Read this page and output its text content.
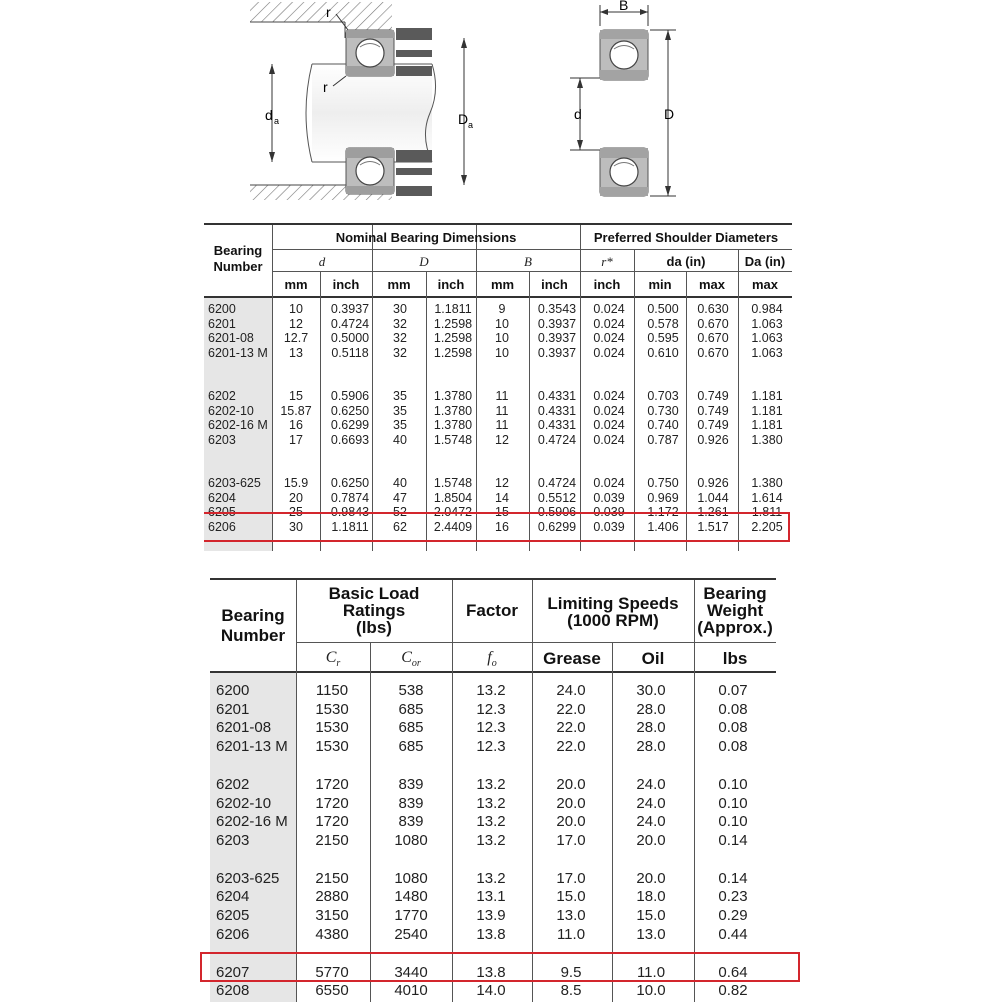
r
r
d a	D a
B
d	D
Bearing
Number
Nominal Bearing Dimensions	Preferred Shoulder Diameters
d	D	B	r*	da (in)	Da (in)
mm	inch	mm	inch	mm	inch	inch	min	max	max
6200	10	0.3937	30	1.1811	9	0.3543	0.024	0.500	0.630	0.984
6201	12	0.4724	32	1.2598	10	0.3937	0.024	0.578	0.670	1.063
6201-08	12.7	0.5000	32	1.2598	10	0.3937	0.024	0.595	0.670	1.063
6201-13 M	13	0.5118	32	1.2598	10	0.3937	0.024	0.610	0.670	1.063
6202	15	0.5906	35	1.3780	11	0.4331	0.024	0.703	0.749	1.181
6202-10	15.87	0.6250	35	1.3780	11	0.4331	0.024	0.730	0.749	1.181
6202-16 M	16	0.6299	35	1.3780	11	0.4331	0.024	0.740	0.749	1.181
6203	17	0.6693	40	1.5748	12	0.4724	0.024	0.787	0.926	1.380
6203-625	15.9	0.6250	40	1.5748	12	0.4724	0.024	0.750	0.926	1.380
6204	20	0.7874	47	1.8504	14	0.5512	0.039	0.969	1.044	1.614
6205	25	0.9843	52	2.0472	15	0.5906	0.039	1.172	1.261	1.811
6206	30	1.1811	62	2.4409	16	0.6299	0.039	1.406	1.517	2.205
Bearing
Number
Basic Load
Ratings
(lbs)
Factor	Limiting Speeds
(1000 RPM)
Bearing
Weight
(Approx.)
$C_r$	$C_{or}$	$f_o$	Grease	Oil	lbs
6200	1150	538	13.2	24.0	30.0	0.07
6201	1530	685	12.3	22.0	28.0	0.08
6201-08	1530	685	12.3	22.0	28.0	0.08
6201-13 M	1530	685	12.3	22.0	28.0	0.08
6202	1720	839	13.2	20.0	24.0	0.10
6202-10	1720	839	13.2	20.0	24.0	0.10
6202-16 M	1720	839	13.2	20.0	24.0	0.10
6203	2150	1080	13.2	17.0	20.0	0.14
6203-625	2150	1080	13.2	17.0	20.0	0.14
6204	2880	1480	13.1	15.0	18.0	0.23
6205	3150	1770	13.9	13.0	15.0	0.29
6206	4380	2540	13.8	11.0	13.0	0.44
6207	5770	3440	13.8	9.5	11.0	0.64
6208	6550	4010	14.0	8.5	10.0	0.82
